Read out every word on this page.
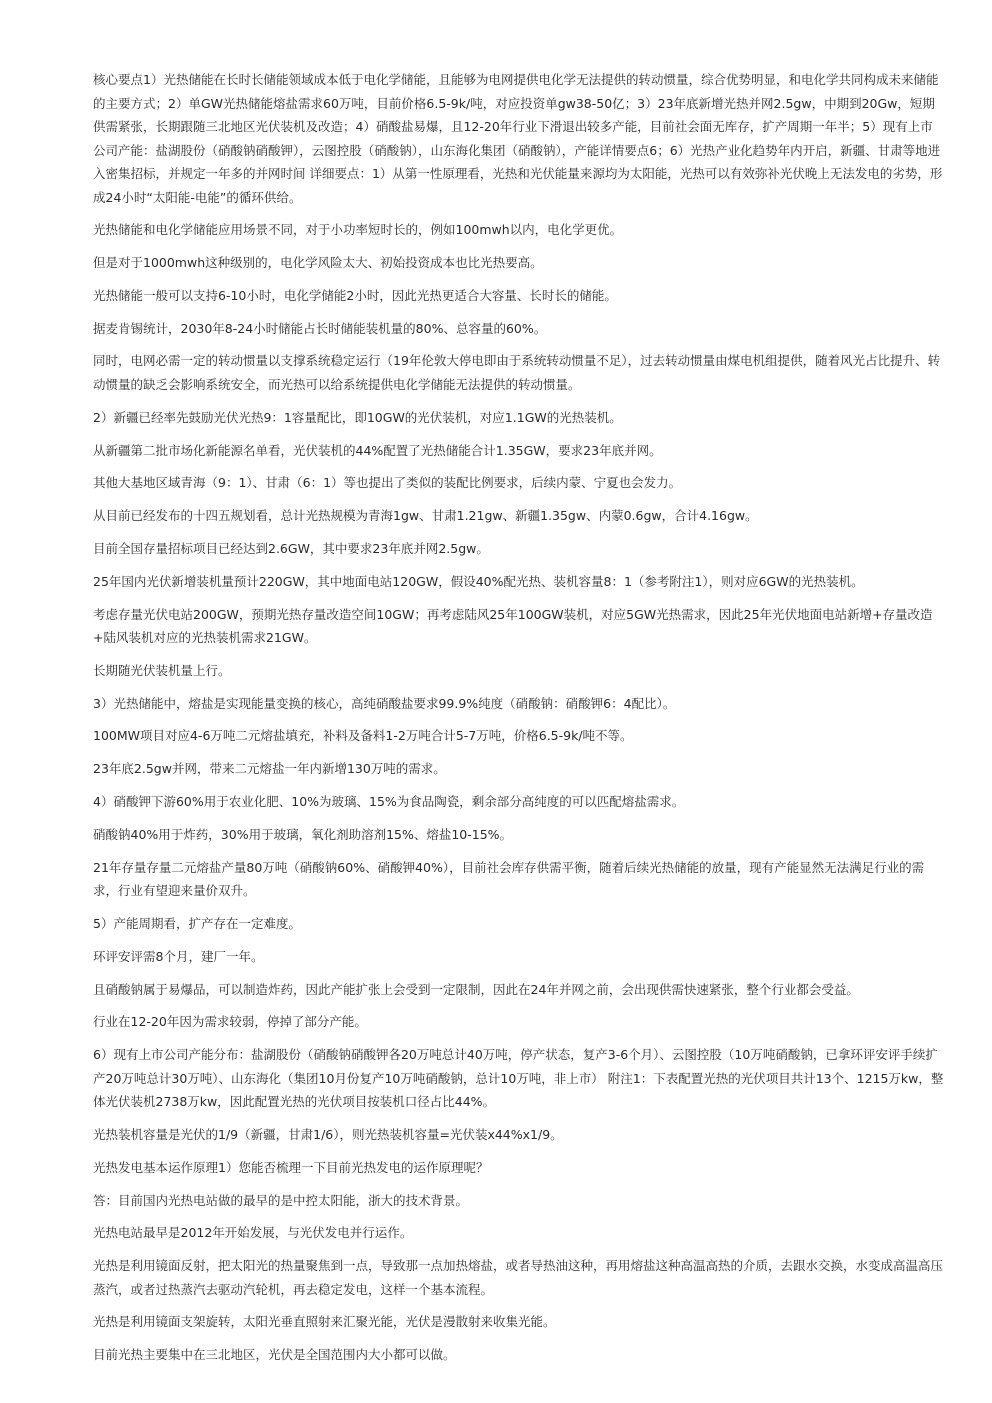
核心要点1）光热储能在长时长储能领域成本低于电化学储能，且能够为电网提供电化学无法提供的转动惯量，综合优势明显，和电化学共同构成未来储能的主要方式；2）单GW光热储能熔盐需求60万吨，目前价格6.5-9k/吨，对应投资单gw38-50亿；3）23年底新增光热并网2.5gw，中期到20Gw，短期供需紧张，长期跟随三北地区光伏装机及改造；4）硝酸盐易爆，且12-20年行业下滑退出较多产能，目前社会面无库存，扩产周期一年半；5）现有上市公司产能：盐湖股份（硝酸钠硝酸钾），云图控股（硝酸钠），山东海化集团（硝酸钠），产能详情要点6；6）光热产业化趋势年内开启，新疆、甘肃等地进入密集招标，并规定一年多的并网时间 详细要点：1）从第一性原理看，光热和光伏能量来源均为太阳能，光热可以有效弥补光伏晚上无法发电的劣势，形成24小时“太阳能-电能”的循环供给。

光热储能和电化学储能应用场景不同，对于小功率短时长的，例如100mwh以内，电化学更优。

但是对于1000mwh这种级别的，电化学风险太大、初始投资成本也比光热要高。

光热储能一般可以支持6-10小时，电化学储能2小时，因此光热更适合大容量、长时长的储能。

据麦肯锡统计，2030年8-24小时储能占长时储能装机量的80%、总容量的60%。

同时，电网必需一定的转动惯量以支撑系统稳定运行（19年伦敦大停电即由于系统转动惯量不足），过去转动惯量由煤电机组提供，随着风光占比提升、转动惯量的缺乏会影响系统安全，而光热可以给系统提供电化学储能无法提供的转动惯量。

2）新疆已经率先鼓励光伏光热9：1容量配比，即10GW的光伏装机，对应1.1GW的光热装机。

从新疆第二批市场化新能源名单看，光伏装机的44%配置了光热储能合计1.35GW，要求23年底并网。

其他大基地区域青海（9：1）、甘肃（6：1）等也提出了类似的装配比例要求，后续内蒙、宁夏也会发力。

从目前已经发布的十四五规划看，总计光热规模为青海1gw、甘肃1.21gw、新疆1.35gw、内蒙0.6gw，合计4.16gw。

目前全国存量招标项目已经达到2.6GW，其中要求23年底并网2.5gw。

25年国内光伏新增装机量预计220GW，其中地面电站120GW，假设40%配光热、装机容量8：1（参考附注1），则对应6GW的光热装机。

考虑存量光伏电站200GW，预期光热存量改造空间10GW；再考虑陆风25年100GW装机，对应5GW光热需求，因此25年光伏地面电站新增+存量改造+陆风装机对应的光热装机需求21GW。

长期随光伏装机量上行。

3）光热储能中，熔盐是实现能量变换的核心，高纯硝酸盐要求99.9%纯度（硝酸钠：硝酸钾6：4配比）。

100MW项目对应4-6万吨二元熔盐填充，补料及备料1-2万吨合计5-7万吨，价格6.5-9k/吨不等。

23年底2.5gw并网，带来二元熔盐一年内新增130万吨的需求。

4）硝酸钾下游60%用于农业化肥、10%为玻璃、15%为食品陶瓷，剩余部分高纯度的可以匹配熔盐需求。

硝酸钠40%用于炸药，30%用于玻璃，氧化剂助溶剂15%、熔盐10-15%。

21年存量存量二元熔盐产量80万吨（硝酸钠60%、硝酸钾40%），目前社会库存供需平衡，随着后续光热储能的放量，现有产能显然无法满足行业的需求，行业有望迎来量价双升。

5）产能周期看，扩产存在一定难度。

环评安评需8个月，建厂一年。

且硝酸钠属于易爆品，可以制造炸药，因此产能扩张上会受到一定限制，因此在24年并网之前，会出现供需快速紧张，整个行业都会受益。

行业在12-20年因为需求较弱，停掉了部分产能。

6）现有上市公司产能分布：盐湖股份（硝酸钠硝酸钾各20万吨总计40万吨，停产状态，复产3-6个月）、云图控股（10万吨硝酸钠，已拿环评安评手续扩产20万吨总计30万吨）、山东海化（集团10月份复产10万吨硝酸钠，总计10万吨，非上市） 附注1：下表配置光热的光伏项目共计13个、1215万kw，整体光伏装机2738万kw，因此配置光热的光伏项目按装机口径占比44%。

光热装机容量是光伏的1/9（新疆，甘肃1/6），则光热装机容量=光伏装x44%x1/9。

光热发电基本运作原理1）您能否梳理一下目前光热发电的运作原理呢？

答：目前国内光热电站做的最早的是中控太阳能，浙大的技术背景。

光热电站最早是2012年开始发展，与光伏发电并行运作。

光热是利用镜面反射，把太阳光的热量聚焦到一点，导致那一点加热熔盐，或者导热油这种，再用熔盐这种高温高热的介质，去跟水交换，水变成高温高压蒸汽，或者过热蒸汽去驱动汽轮机，再去稳定发电，这样一个基本流程。

光热是利用镜面支架旋转，太阳光垂直照射来汇聚光能，光伏是漫散射来收集光能。

目前光热主要集中在三北地区，光伏是全国范围内大小都可以做。
